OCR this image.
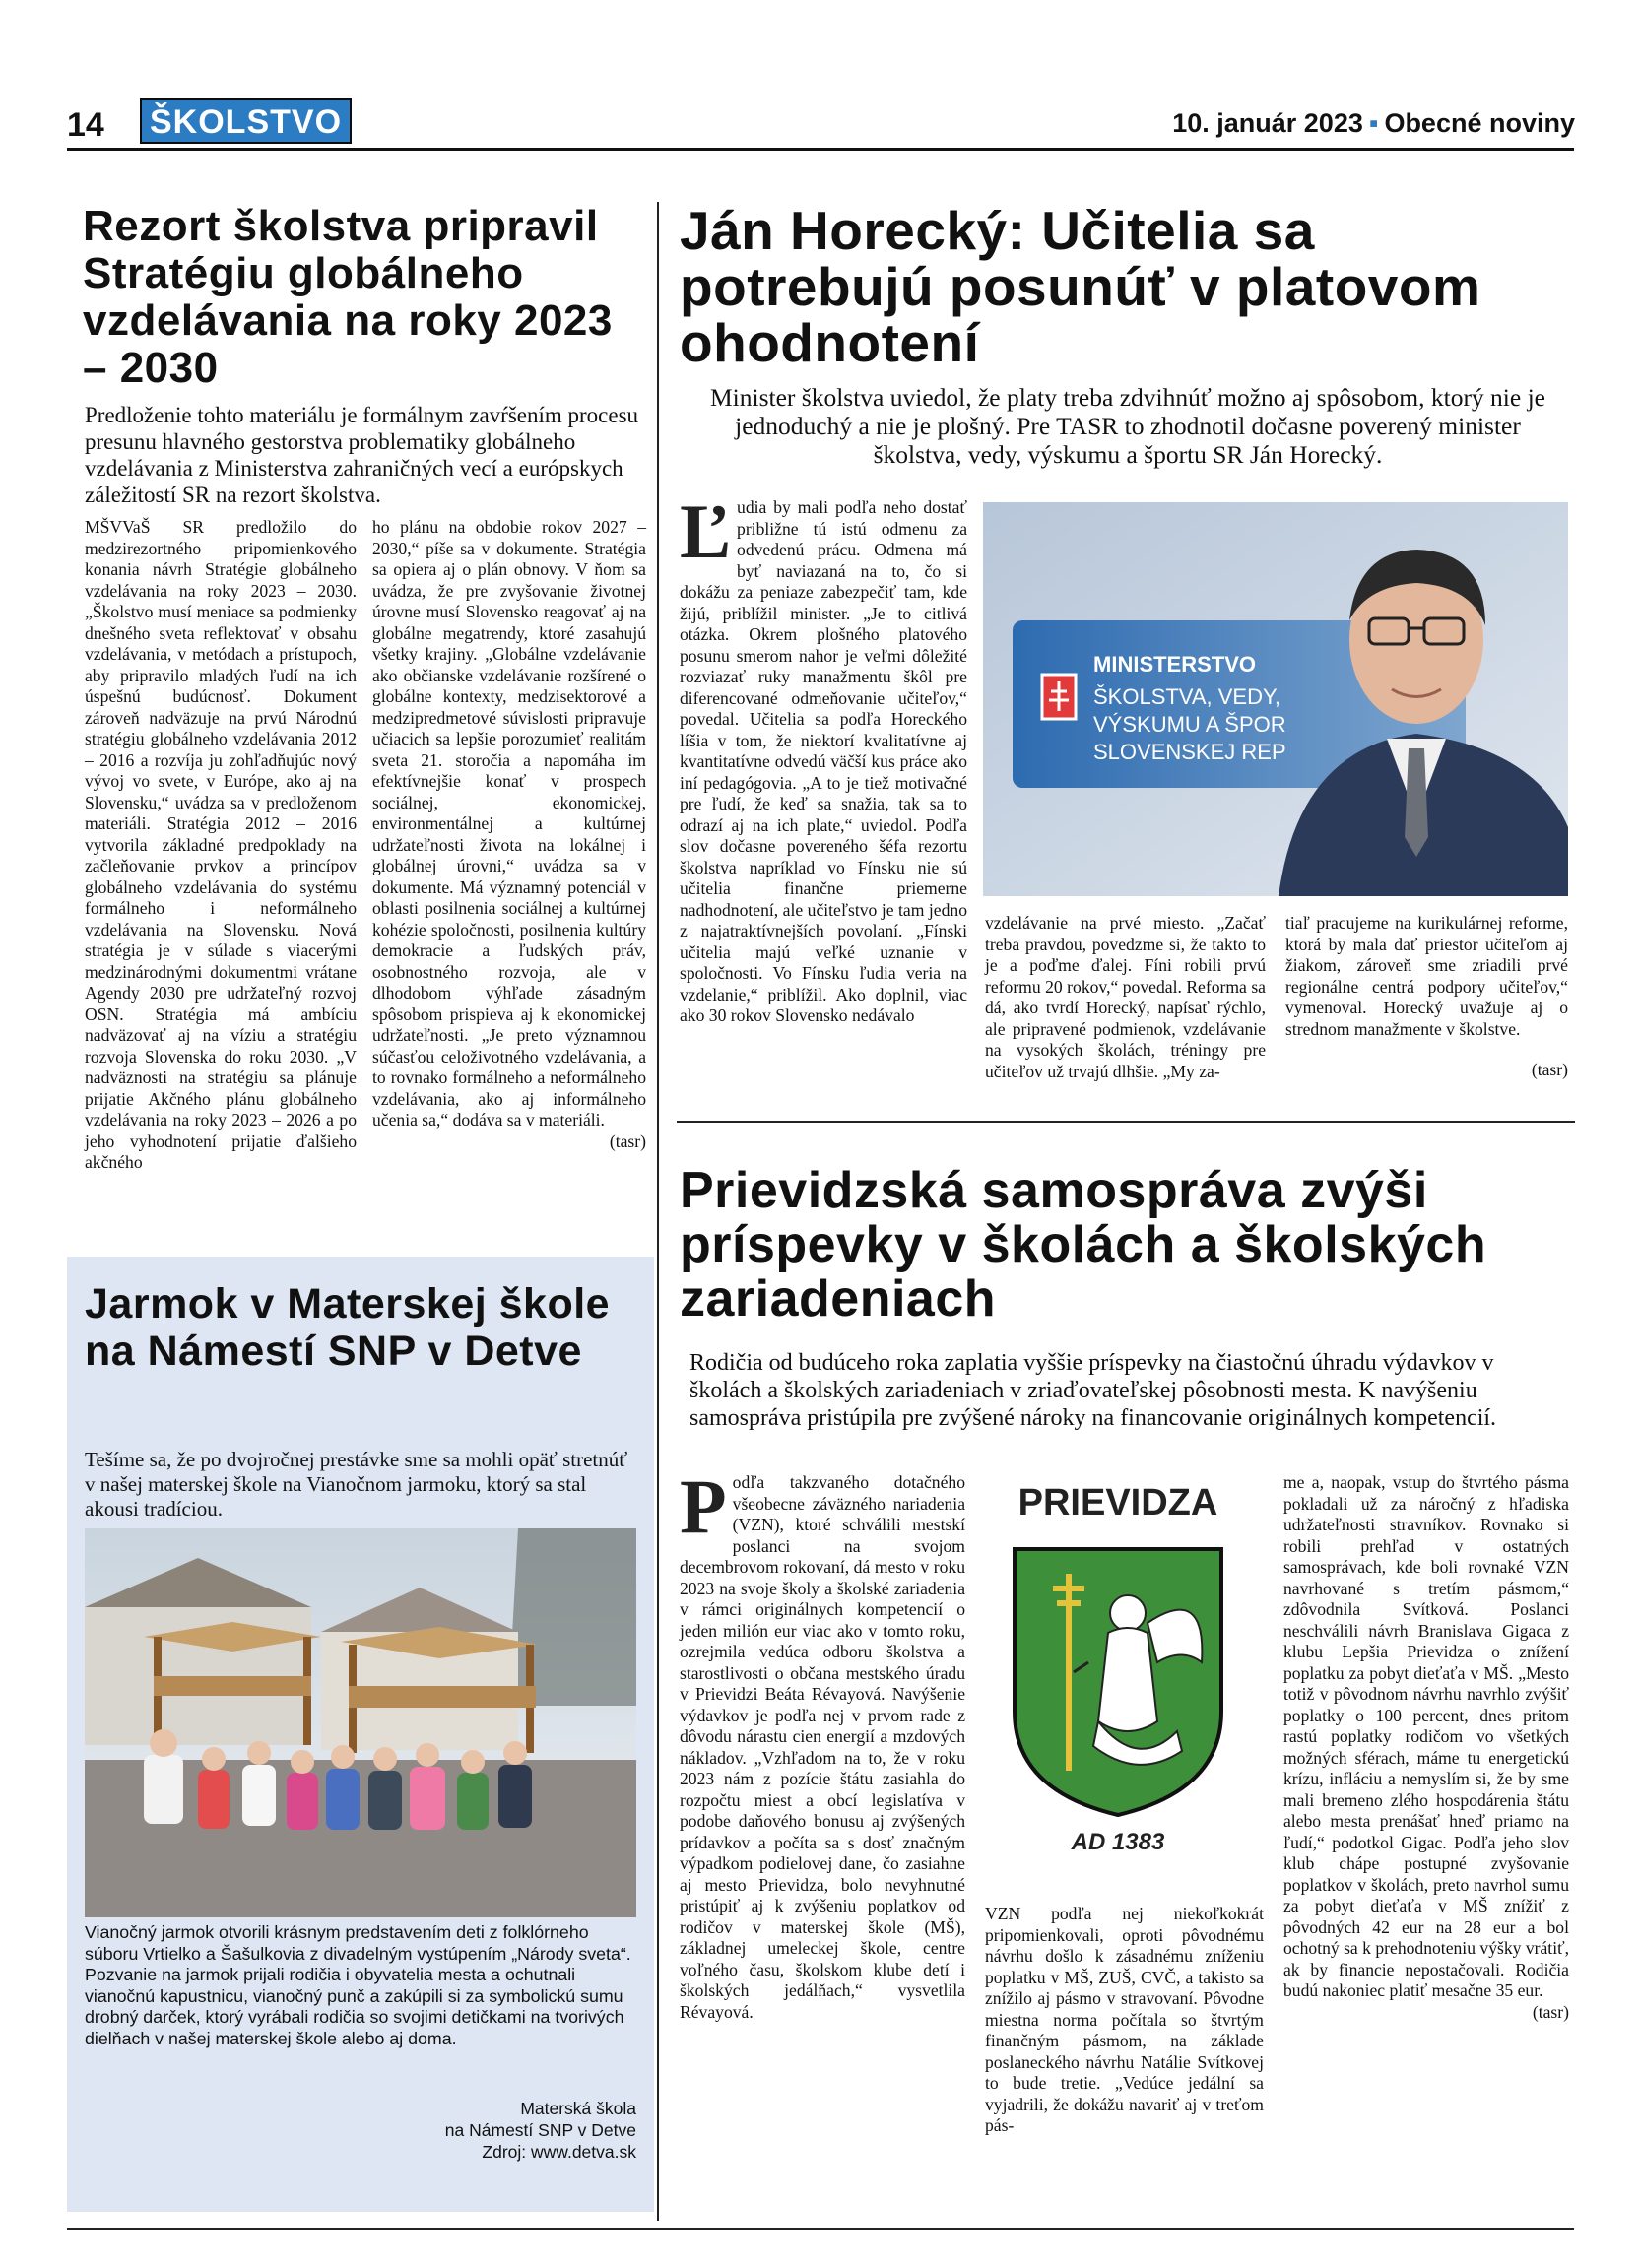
14 ŠKOLSTVO	10. január 2023 ▪ Obecné noviny
Rezort školstva pripravil Stratégiu globálneho vzdelávania na roky 2023 – 2030
Predloženie tohto materiálu je formálnym zavŕšením procesu presunu hlavného gestorstva problematiky globálneho vzdelávania z Ministerstva zahraničných vecí a európskych záležitostí SR na rezort školstva.

MŠVVaŠ SR predložilo do medzirezortného pripomienkového konania návrh Stratégie globálneho vzdelávania na roky 2023 – 2030. „Školstvo musí meniace sa podmienky dnešného sveta reflektovať v obsahu vzdelávania, v metódach a prístupoch, aby pripravilo mladých ľudí na ich úspešnú budúcnosť. Dokument zároveň nadväzuje na prvú Národnú stratégiu globálneho vzdelávania 2012 – 2016 a rozvíja ju zohľadňujúc nový vývoj vo svete, v Európe, ako aj na Slovensku,“ uvádza sa v predloženom materiáli. Stratégia 2012 – 2016 vytvorila základné predpoklady na začleňovanie prvkov a princípov globálneho vzdelávania do systému formálneho i neformálneho vzdelávania na Slovensku. Nová stratégia je v súlade s viacerými medzinárodnými dokumentmi vrátane Agendy 2030 pre udržateľný rozvoj OSN. Stratégia má ambíciu nadväzovať aj na víziu a stratégiu rozvoja Slovenska do roku 2030. „V nadväznosti na stratégiu sa plánuje prijatie Akčného plánu globálneho vzdelávania na roky 2023 – 2026 a po jeho vyhodnotení prijatie ďalšieho akčného

ho plánu na obdobie rokov 2027 – 2030,“ píše sa v dokumente. Stratégia sa opiera aj o plán obnovy. V ňom sa uvádza, že pre zvyšovanie životnej úrovne musí Slovensko reagovať aj na globálne megatrendy, ktoré zasahujú všetky krajiny. „Globálne vzdelávanie ako občianske vzdelávanie rozšírené o globálne kontexty, medzisektorové a medzipredmetové súvislosti pripravuje učiacich sa lepšie porozumieť realitám sveta 21. storočia a napomáha im efektívnejšie konať v prospech sociálnej, ekonomickej, environmentálnej a kultúrnej udržateľnosti života na lokálnej i globálnej úrovni,“ uvádza sa v dokumente. Má významný potenciál v oblasti posilnenia sociálnej a kultúrnej kohézie spoločnosti, posilnenia kultúry demokracie a ľudských práv, osobnostného rozvoja, ale v dlhodobom výhľade zásadným spôsobom prispieva aj k ekonomickej udržateľnosti. „Je preto významnou súčasťou celoživotného vzdelávania, a to rovnako formálneho a neformálneho vzdelávania, ako aj informálneho učenia sa,“ dodáva sa v materiáli.

(tasr)

Ján Horecký: Učitelia sa potrebujú posunúť v platovom ohodnotení
Minister školstva uviedol, že platy treba zdvihnúť možno aj spôsobom, ktorý nie je jednoduchý a nie je plošný. Pre TASR to zhodnotil dočasne poverený minister školstva, vedy, výskumu a športu SR Ján Horecký.
Ľ udia by mali podľa neho dostať približne tú istú odmenu za odvedenú prácu. Odmena má byť naviazaná na to, čo si dokážu za peniaze zabezpečiť tam, kde žijú, priblížil minister. „Je to citlivá otázka. Okrem plošného platového posunu smerom nahor je veľmi dôležité rozviazať ruky manažmentu škôl pre diferencované odmeňovanie učiteľov,“ povedal. Učitelia sa podľa Horeckého líšia v tom, že niektorí kvalitatívne aj kvantitatívne odvedú väčší kus práce ako iní pedagógovia. „A to je tiež motivačné pre ľudí, že keď sa snažia, tak sa to odrazí aj na ich plate,“ uviedol. Podľa slov dočasne povereného šéfa rezortu školstva napríklad vo Fínsku nie sú učitelia finančne priemerne nadhodnotení, ale učiteľstvo je tam jedno z najatraktívnejších povolaní. „Fínski učitelia majú veľké uznanie v spoločnosti. Vo Fínsku ľudia veria na vzdelanie,“ priblížil. Ako doplnil, viac ako 30 rokov Slovensko nedávalo

MINISTERSTVO
ŠKOLSTVA, VEDY,
VÝSKUMU A ŠPOR
SLOVENSKEJ REP

vzdelávanie na prvé miesto. „Začať treba pravdou, povedzme si, že takto to je a poďme ďalej. Fíni robili prvú reformu 20 rokov,“ povedal. Reforma sa dá, ako tvrdí Horecký, napísať rýchlo, ale pripravené podmienok, vzdelávanie na vysokých školách, tréningy pre učiteľov už trvajú dlhšie. „My za-

tiaľ pracujeme na kurikulárnej reforme, ktorá by mala dať priestor učiteľom aj žiakom, zároveň sme zriadili prvé regionálne centrá podpory učiteľov,“ vymenoval. Horecký uvažuje aj o strednom manažmente v školstve.

(tasr)

Prievidzská samospráva zvýši príspevky v školách a školských zariadeniach
Rodičia od budúceho roka zaplatia vyššie príspevky na čiastočnú úhradu výdavkov v školách a školských zariadeniach v zriaďovateľskej pôsobnosti mesta. K navýšeniu samospráva pristúpila pre zvýšené nároky na financovanie originálnych kompetencií.
P odľa takzvaného dotačného všeobecne záväzného nariadenia (VZN), ktoré schválili mestskí poslanci na svojom decembrovom rokovaní, dá mesto v roku 2023 na svoje školy a školské zariadenia v rámci originálnych kompetencií o jeden milión eur viac ako v tomto roku, ozrejmila vedúca odboru školstva a starostlivosti o občana mestského úradu v Prievidzi Beáta Révayová. Navýšenie výdavkov je podľa nej v prvom rade z dôvodu nárastu cien energií a mzdových nákladov. „Vzhľadom na to, že v roku 2023 nám z pozície štátu zasiahla do rozpočtu miest a obcí legislatíva v podobe daňového bonusu aj zvýšených prídavkov a počíta sa s dosť značným výpadkom podielovej dane, čo zasiahne aj mesto Prievidza, bolo nevyhnutné pristúpiť aj k zvýšeniu poplatkov od rodičov v materskej škole (MŠ), základnej umeleckej škole, centre voľného času, školskom klube detí i školských jedálňach,“ vysvetlila Révayová.

PRIEVIDZA
AD 1383

VZN podľa nej niekoľkokrát pripomienkovali, oproti pôvodnému návrhu došlo k zásadnému zníženiu poplatku v MŠ, ZUŠ, CVČ, a takisto sa znížilo aj pásmo v stravovaní. Pôvodne miestna norma počítala so štvrtým finančným pásmom, na základe poslaneckého návrhu Natálie Svítkovej to bude tretie. „Vedúce jedální sa vyjadrili, že dokážu navariť aj v treťom pás-

me a, naopak, vstup do štvrtého pásma pokladali už za náročný z hľadiska udržateľnosti stravníkov. Rovnako si robili prehľad v ostatných samosprávach, kde boli rovnaké VZN navrhované s tretím pásmom,“ zdôvodnila Svítková. Poslanci neschválili návrh Branislava Gigaca z klubu Lepšia Prievidza o znížení poplatku za pobyt dieťaťa v MŠ. „Mesto totiž v pôvodnom návrhu navrhlo zvýšiť poplatky o 100 percent, dnes pritom rastú poplatky rodičom vo všetkých možných sférach, máme tu energetickú krízu, infláciu a nemyslím si, že by sme mali bremeno zlého hospodárenia štátu alebo mesta prenášať hneď priamo na ľudí,“ podotkol Gigac. Podľa jeho slov klub chápe postupné zvyšovanie poplatkov v školách, preto navrhol sumu za pobyt dieťaťa v MŠ znížiť z pôvodných 42 eur na 28 eur a bol ochotný sa k prehodnoteniu výšky vrátiť, ak by financie nepostačovali. Rodičia budú nakoniec platiť mesačne 35 eur.

(tasr)

Jarmok v Materskej škole na Námestí SNP v Detve
Tešíme sa, že po dvojročnej prestávke sme sa mohli opäť stretnúť v našej materskej škole na Vianočnom jarmoku, ktorý sa stal akousi tradíciou.
Vianočný jarmok otvorili krásnym predstavením deti z folklórneho súboru Vrtielko a Šašulkovia z divadelným vystúpením „Národy sveta“. Pozvanie na jarmok prijali rodičia i obyvatelia mesta a ochutnali vianočnú kapustnicu, vianočný punč a zakúpili si za symbolickú sumu drobný darček, ktorý vyrábali rodičia so svojimi detičkami na tvorivých dielňach v našej materskej škole alebo aj doma.
Materská škola
na Námestí SNP v Detve
Zdroj: www.detva.sk
